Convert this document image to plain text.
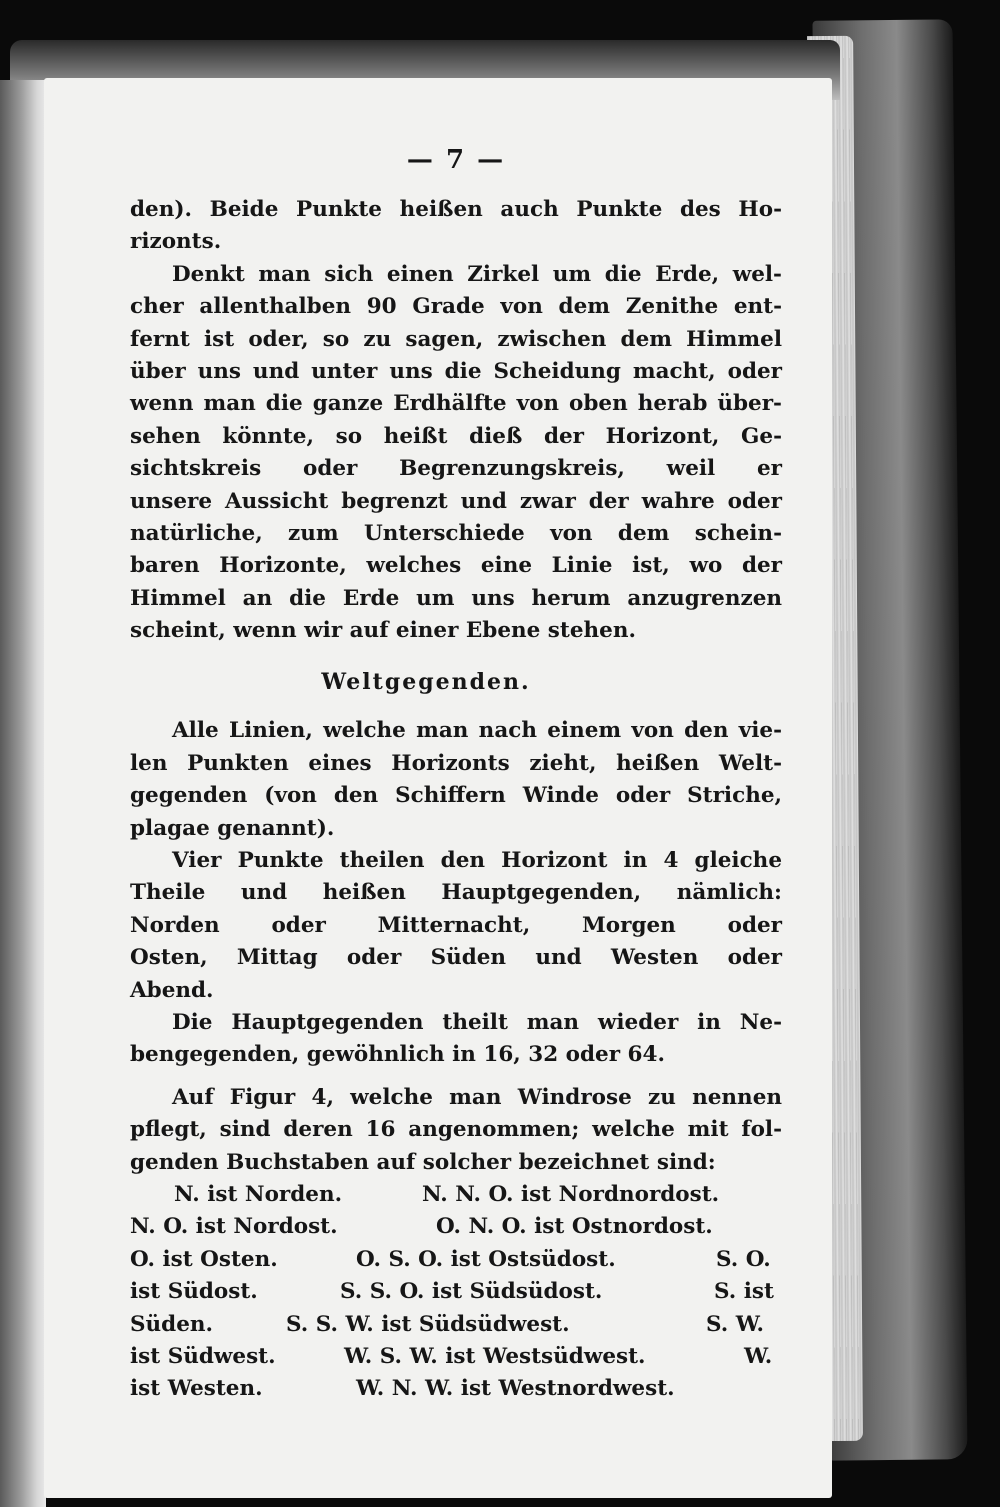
— 7 —
den). Beide Punkte heißen auch Punkte des Ho-
rizonts.
Denkt man sich einen Zirkel um die Erde, wel-
cher allenthalben 90 Grade von dem Zenithe ent-
fernt ist oder, so zu sagen, zwischen dem Himmel
über uns und unter uns die Scheidung macht, oder
wenn man die ganze Erdhälfte von oben herab über-
sehen könnte, so heißt dieß der Horizont, Ge-
sichtskreis oder Begrenzungskreis, weil er
unsere Aussicht begrenzt und zwar der wahre oder
natürliche, zum Unterschiede von dem schein-
baren Horizonte, welches eine Linie ist, wo der
Himmel an die Erde um uns herum anzugrenzen
scheint, wenn wir auf einer Ebene stehen.
Weltgegenden.
Alle Linien, welche man nach einem von den vie-
len Punkten eines Horizonts zieht, heißen Welt-
gegenden (von den Schiffern Winde oder Striche,
plagae genannt).
Vier Punkte theilen den Horizont in 4 gleiche
Theile und heißen Hauptgegenden, nämlich:
Norden oder Mitternacht, Morgen oder
Osten, Mittag oder Süden und Westen oder
Abend.
Die Hauptgegenden theilt man wieder in Ne-
bengegenden, gewöhnlich in 16, 32 oder 64.
Auf Figur 4, welche man Windrose zu nennen
pflegt, sind deren 16 angenommen; welche mit fol-
genden Buchstaben auf solcher bezeichnet sind:
N. ist Norden.	N. N. O. ist Nordnordost.
N. O. ist Nordost.	O. N. O. ist Ostnordost.
O. ist Osten.	O. S. O. ist Ostsüdost.	S. O.
ist Südost.	S. S. O. ist Südsüdost.	S. ist
Süden.	S. S. W. ist Südsüdwest.	S. W.
ist Südwest.	W. S. W. ist Westsüdwest.	W.
ist Westen.	W. N. W. ist Westnordwest.
